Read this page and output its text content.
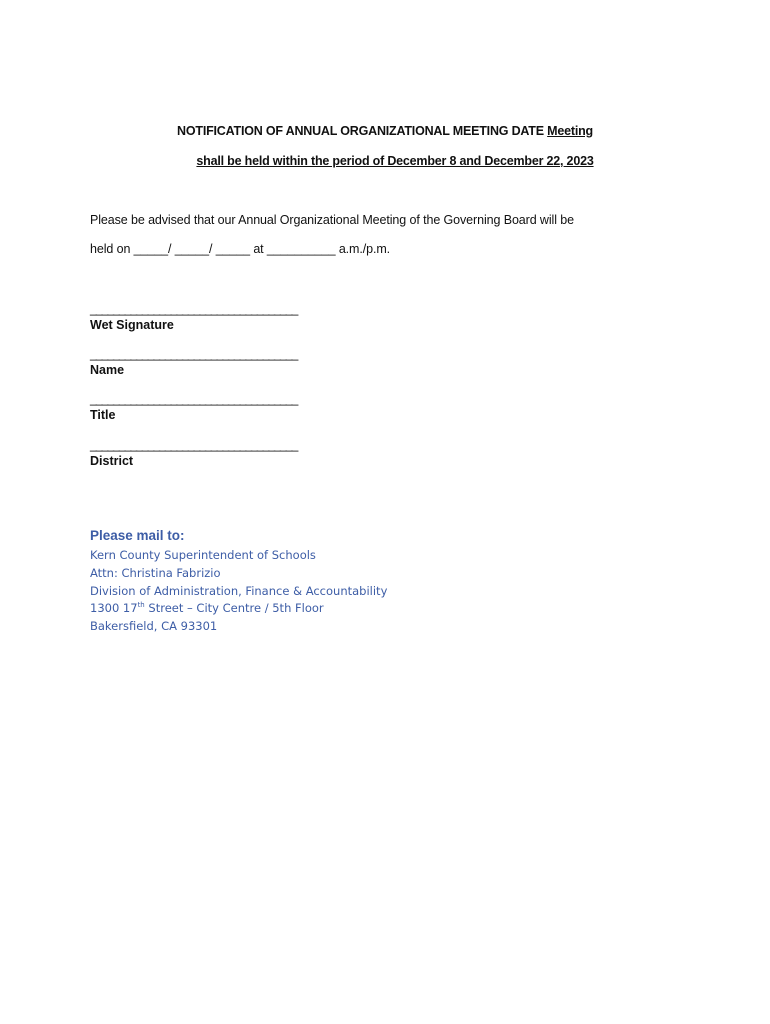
NOTIFICATION OF ANNUAL ORGANIZATIONAL MEETING DATE Meeting
shall be held within the period of December 8 and December 22, 2023
Please be advised that our Annual Organizational Meeting of the Governing Board will be
held on _____/ _____/ _____ at __________ a.m./p.m.
____________________________________
Wet Signature
____________________________________
Name
____________________________________
Title
____________________________________
District
Please mail to:
Kern County Superintendent of Schools
Attn: Christina Fabrizio
Division of Administration, Finance & Accountability
1300 17th Street – City Centre / 5th Floor
Bakersfield, CA 93301
